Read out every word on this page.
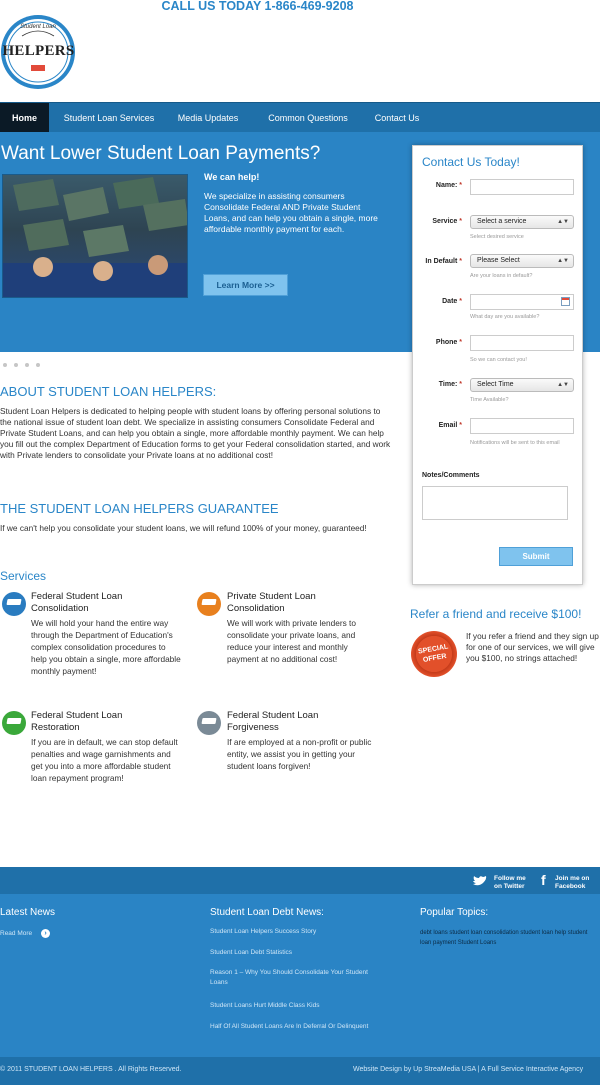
CALL US TODAY 1-866-469-9208
Student Loan
HELPERS
Home	Student Loan Services	Media Updates	Common Questions	Contact Us
Want Lower Student Loan Payments?
We can help!
We specialize in assisting consumers Consolidate Federal AND Private Student Loans, and can help you obtain a single, more affordable monthly payment for each.
Learn More >>
Contact Us Today!
Name: *
Service *	Select a service	▲▼
Select desired service
In Default *	Please Select	▲▼
Are your loans in default?
Date *
What day are you available?
Phone *
So we can contact you!
Time: *	Select Time	▲▼
Time Available?
Email *
Notifications will be sent to this email
Notes/Comments
Submit
ABOUT STUDENT LOAN HELPERS:
Student Loan Helpers is dedicated to helping people with student loans by offering personal solutions to the national issue of student loan debt. We specialize in assisting consumers Consolidate Federal and Private Student Loans, and can help you obtain a single, more affordable monthly payment. We can help you fill out the complex Department of Education forms to get your Federal consolidation started, and work with Private lenders to consolidate your Private loans at no additional cost!
THE STUDENT LOAN HELPERS GUARANTEE
If we can't help you consolidate your student loans, we will refund 100% of your money, guaranteed!
Services
Federal Student Loan Consolidation
We will hold your hand the entire way through the Department of Education's complex consolidation procedures to help you obtain a single, more affordable monthly payment!
Private Student Loan Consolidation
We will work with private lenders to consolidate your private loans, and reduce your interest and monthly payment at no additional cost!
Federal Student Loan Restoration
If you are in default, we can stop default penalties and wage garnishments and get you into a more affordable student loan repayment program!
Federal Student Loan Forgiveness
If are employed at a non-profit or public entity, we assist you in getting your student loans forgiven!
Refer a friend and receive $100!
SPECIAL OFFER
If you refer a friend and they sign up for one of our services, we will give you $100, no strings attached!
Follow me on Twitter	f Join me on Facebook
Latest News
Read More	›
Student Loan Debt News:
Student Loan Helpers Success Story
Student Loan Debt Statistics
Reason 1 – Why You Should Consolidate Your Student Loans
Student Loans Hurt Middle Class Kids
Half Of All Student Loans Are In Deferral Or Delinquent
Popular Topics:
debt loans student loan consolidation student loan help student loan payment Student Loans
© 2011 STUDENT LOAN HELPERS . All Rights Reserved.	Website Design by Up StreaMedia USA | A Full Service Interactive Agency
